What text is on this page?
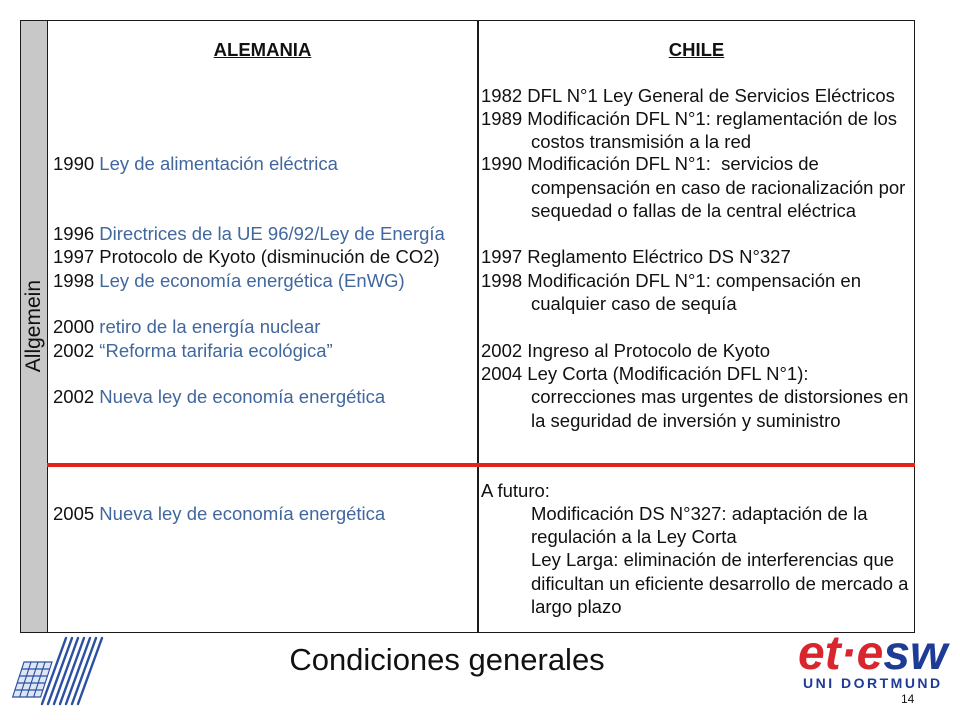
Allgemein
ALEMANIA
1990 Ley de alimentación eléctrica
1996 Directrices de la UE 96/92/Ley de Energía
1997 Protocolo de Kyoto (disminución de CO2)
1998 Ley de economía energética (EnWG)
2000 retiro de la energía nuclear
2002 “Reforma tarifaria ecológica”
2002 Nueva ley de economía energética
2005 Nueva ley de economía energética
CHILE
1982 DFL N°1 Ley General de Servicios Eléctricos
1989 Modificación DFL N°1: reglamentación de los
costos transmisión a la red
1990 Modificación DFL N°1:  servicios de
compensación en caso de racionalización por
sequedad o fallas de la central eléctrica
1997 Reglamento Eléctrico DS N°327
1998 Modificación DFL N°1: compensación en
cualquier caso de sequía
2002 Ingreso al Protocolo de Kyoto
2004 Ley Corta (Modificación DFL N°1):
correcciones mas urgentes de distorsiones en
la seguridad de inversión y suministro
A futuro:
Modificación DS N°327: adaptación de la
regulación a la Ley Corta
Ley Larga: eliminación de interferencias que
dificultan un eficiente desarrollo de mercado a
largo plazo
Condiciones generales	et·esw
UNI DORTMUND
14
